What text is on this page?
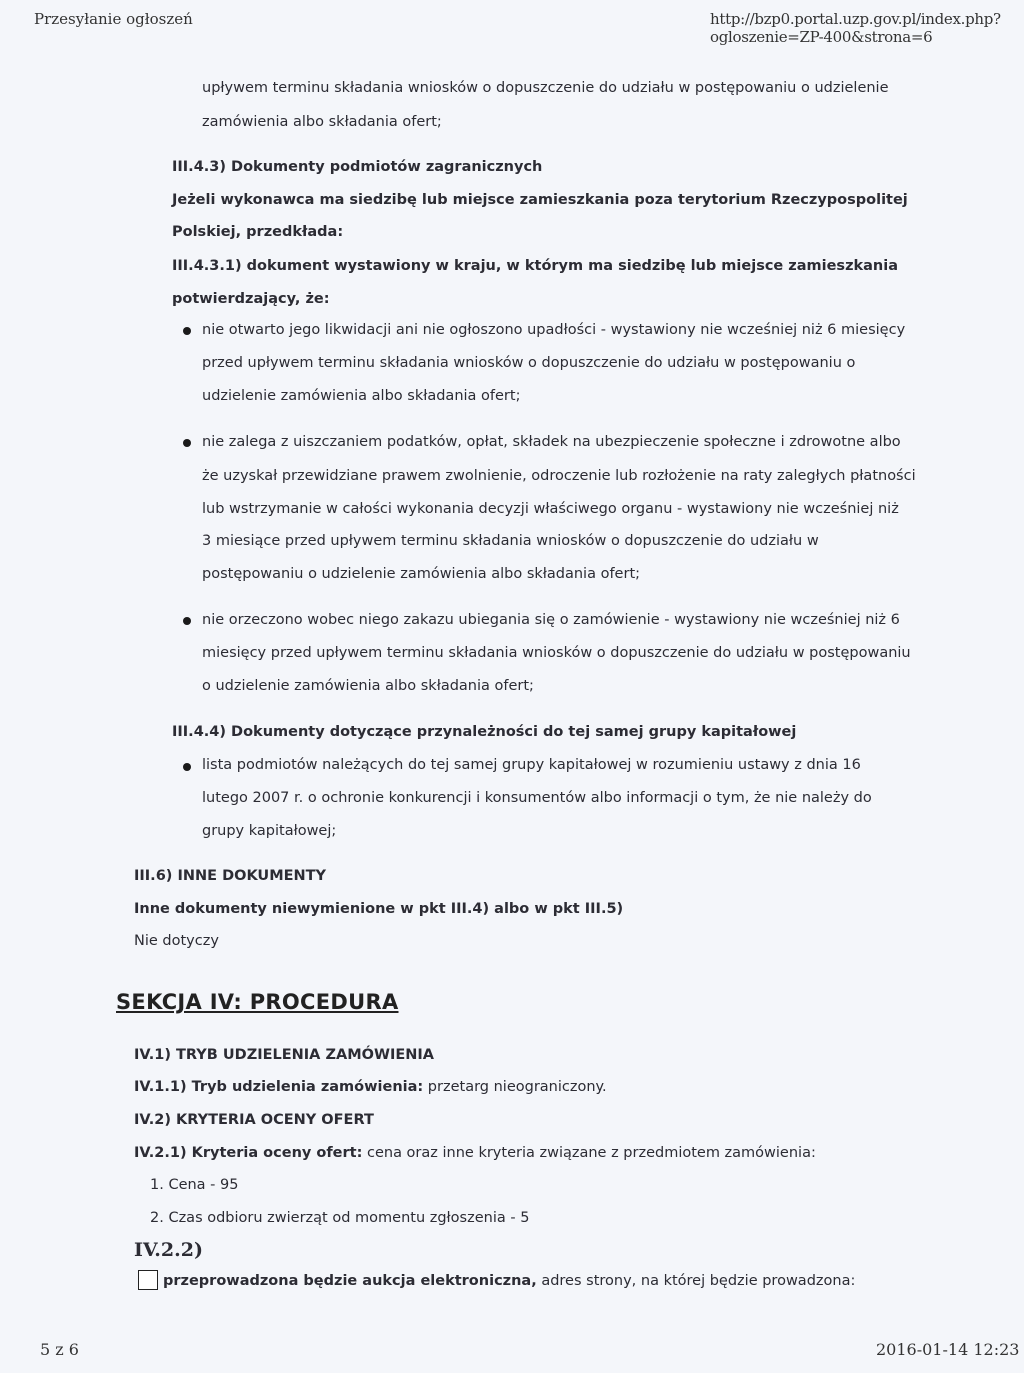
Przesyłanie ogłoszeń	http://bzp0.portal.uzp.gov.pl/index.php?ogloszenie=ZP-400&strona=6
upływem terminu składania wniosków o dopuszczenie do udziału w postępowaniu o udzielenie
zamówienia albo składania ofert;
III.4.3) Dokumenty podmiotów zagranicznych
Jeżeli wykonawca ma siedzibę lub miejsce zamieszkania poza terytorium Rzeczypospolitej
Polskiej, przedkłada:
III.4.3.1) dokument wystawiony w kraju, w którym ma siedzibę lub miejsce zamieszkania
potwierdzający, że:
nie otwarto jego likwidacji ani nie ogłoszono upadłości - wystawiony nie wcześniej niż 6 miesięcy
przed upływem terminu składania wniosków o dopuszczenie do udziału w postępowaniu o
udzielenie zamówienia albo składania ofert;
nie zalega z uiszczaniem podatków, opłat, składek na ubezpieczenie społeczne i zdrowotne albo
że uzyskał przewidziane prawem zwolnienie, odroczenie lub rozłożenie na raty zaległych płatności
lub wstrzymanie w całości wykonania decyzji właściwego organu - wystawiony nie wcześniej niż
3 miesiące przed upływem terminu składania wniosków o dopuszczenie do udziału w
postępowaniu o udzielenie zamówienia albo składania ofert;
nie orzeczono wobec niego zakazu ubiegania się o zamówienie - wystawiony nie wcześniej niż 6
miesięcy przed upływem terminu składania wniosków o dopuszczenie do udziału w postępowaniu
o udzielenie zamówienia albo składania ofert;
III.4.4) Dokumenty dotyczące przynależności do tej samej grupy kapitałowej
lista podmiotów należących do tej samej grupy kapitałowej w rozumieniu ustawy z dnia 16
lutego 2007 r. o ochronie konkurencji i konsumentów albo informacji o tym, że nie należy do
grupy kapitałowej;
III.6) INNE DOKUMENTY
Inne dokumenty niewymienione w pkt III.4) albo w pkt III.5)
Nie dotyczy
SEKCJA IV: PROCEDURA
IV.1) TRYB UDZIELENIA ZAMÓWIENIA
IV.1.1) Tryb udzielenia zamówienia: przetarg nieograniczony.
IV.2) KRYTERIA OCENY OFERT
IV.2.1) Kryteria oceny ofert: cena oraz inne kryteria związane z przedmiotem zamówienia:
1. Cena - 95
2. Czas odbioru zwierząt od momentu zgłoszenia - 5
IV.2.2)
przeprowadzona będzie aukcja elektroniczna, adres strony, na której będzie prowadzona:
5 z 6	2016-01-14 12:23
